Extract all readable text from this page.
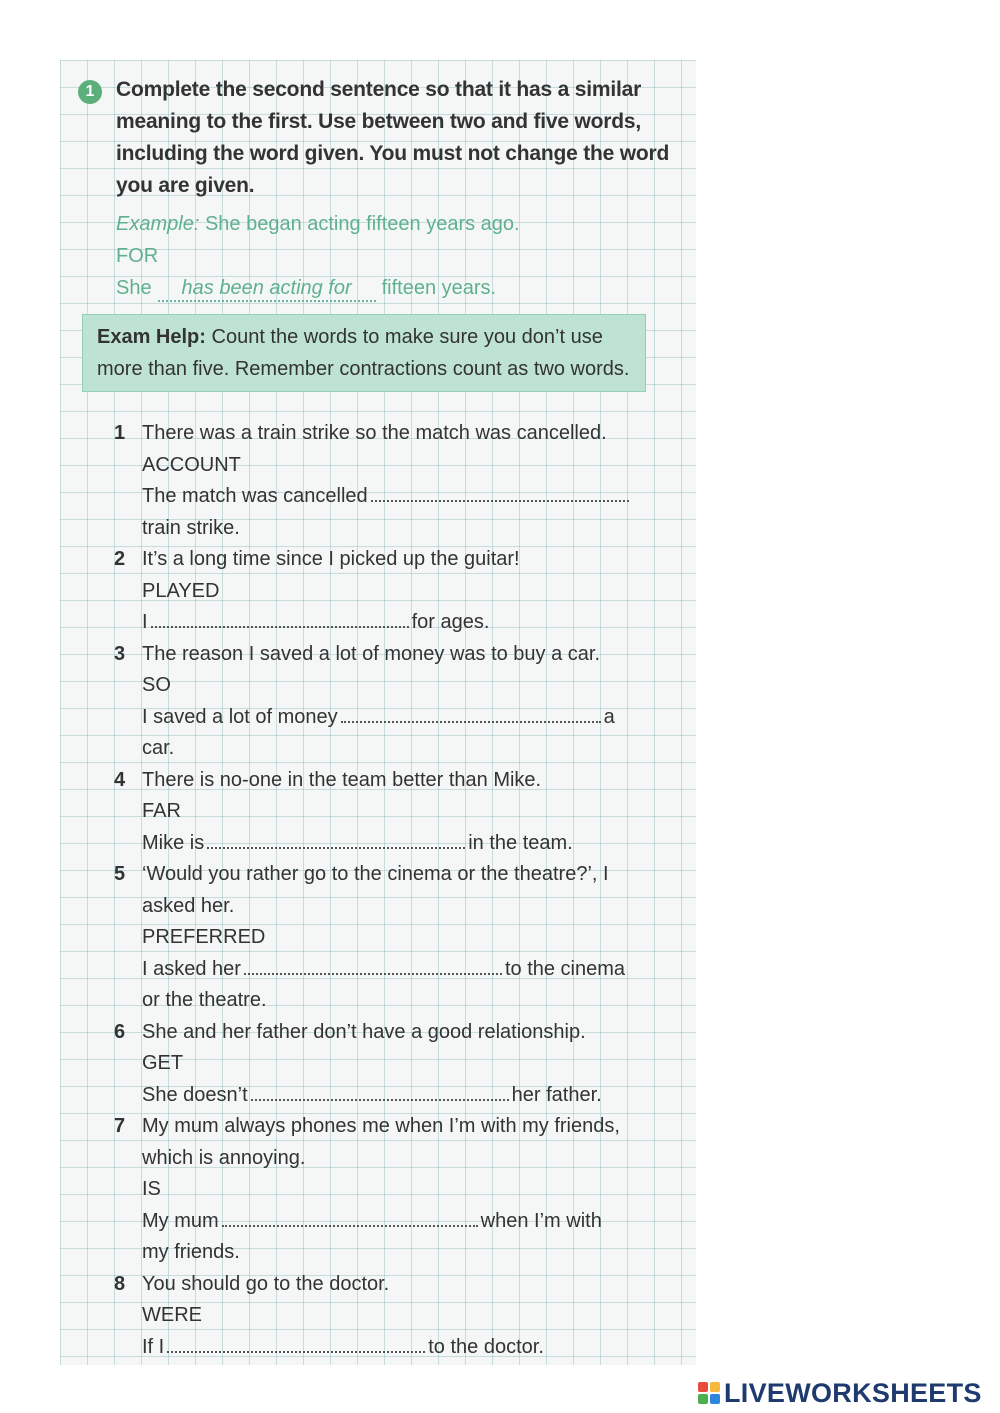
1	Complete the second sentence so that it has a similar meaning to the first. Use between two and five words, including the word given. You must not change the word you are given.
Example: She began acting fifteen years ago.
FOR
She has been acting for fifteen years.
Exam Help: Count the words to make sure you don’t use more than five. Remember contractions count as two words.
1 There was a train strike so the match was cancelled.
ACCOUNT
The match was cancelled
train strike.
2 It’s a long time since I picked up the guitar!
PLAYED
I	for ages.
3 The reason I saved a lot of money was to buy a car.
SO
I saved a lot of money	a
car.
4 There is no-one in the team better than Mike.
FAR
Mike is	in the team.
5 ‘Would you rather go to the cinema or the theatre?’, I
asked her.
PREFERRED
I asked her	to the cinema
or the theatre.
6 She and her father don’t have a good relationship.
GET
She doesn’t	her father.
7 My mum always phones me when I’m with my friends,
which is annoying.
IS
My mum	when I’m with
my friends.
8 You should go to the doctor.
WERE
If I	to the doctor.
LIVEWORKSHEETS
